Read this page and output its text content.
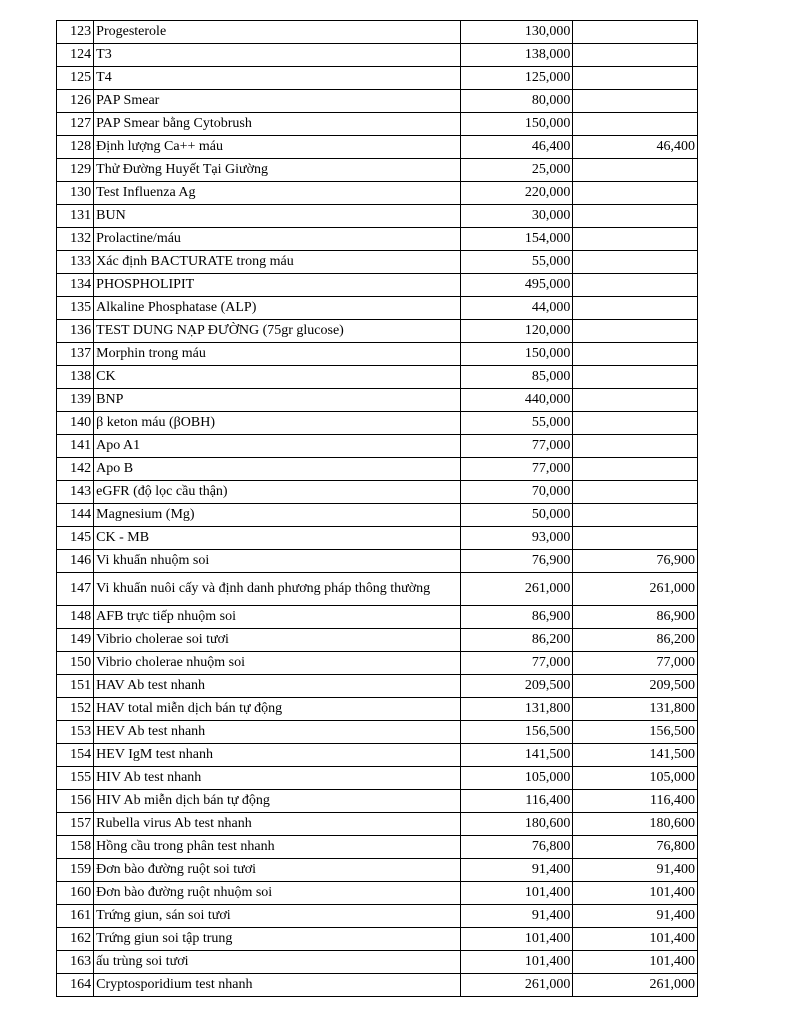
123	Progesterole	130,000	
124	T3	138,000	
125	T4	125,000	
126	PAP Smear	80,000	
127	PAP Smear bằng Cytobrush	150,000	
128	Định lượng Ca++ máu	46,400	46,400
129	Thử Đường Huyết Tại Giường	25,000	
130	Test Influenza Ag	220,000	
131	BUN	30,000	
132	Prolactine/máu	154,000	
133	Xác định BACTURATE trong máu	55,000	
134	PHOSPHOLIPIT	495,000	
135	Alkaline Phosphatase (ALP)	44,000	
136	TEST DUNG NẠP ĐƯỜNG (75gr glucose)	120,000	
137	Morphin trong máu	150,000	
138	CK	85,000	
139	BNP	440,000	
140	β keton máu (βOBH)	55,000	
141	Apo A1	77,000	
142	Apo B	77,000	
143	eGFR (độ lọc cầu thận)	70,000	
144	Magnesium (Mg)	50,000	
145	CK - MB	93,000	
146	Vi khuẩn nhuộm soi	76,900	76,900
147	Vi khuẩn nuôi cấy và định danh phương pháp thông thường	261,000	261,000
148	AFB trực tiếp nhuộm soi	86,900	86,900
149	Vibrio cholerae soi tươi	86,200	86,200
150	Vibrio cholerae nhuộm soi	77,000	77,000
151	HAV Ab test nhanh	209,500	209,500
152	HAV total miễn dịch bán tự động	131,800	131,800
153	HEV Ab test nhanh	156,500	156,500
154	HEV IgM test nhanh	141,500	141,500
155	HIV Ab test nhanh	105,000	105,000
156	HIV Ab miễn dịch bán tự động	116,400	116,400
157	Rubella virus Ab test nhanh	180,600	180,600
158	Hồng cầu trong phân test nhanh	76,800	76,800
159	Đơn bào đường ruột soi tươi	91,400	91,400
160	Đơn bào đường ruột nhuộm soi	101,400	101,400
161	Trứng giun, sán soi tươi	91,400	91,400
162	Trứng giun soi tập trung	101,400	101,400
163	ấu trùng soi tươi	101,400	101,400
164	Cryptosporidium test nhanh	261,000	261,000
